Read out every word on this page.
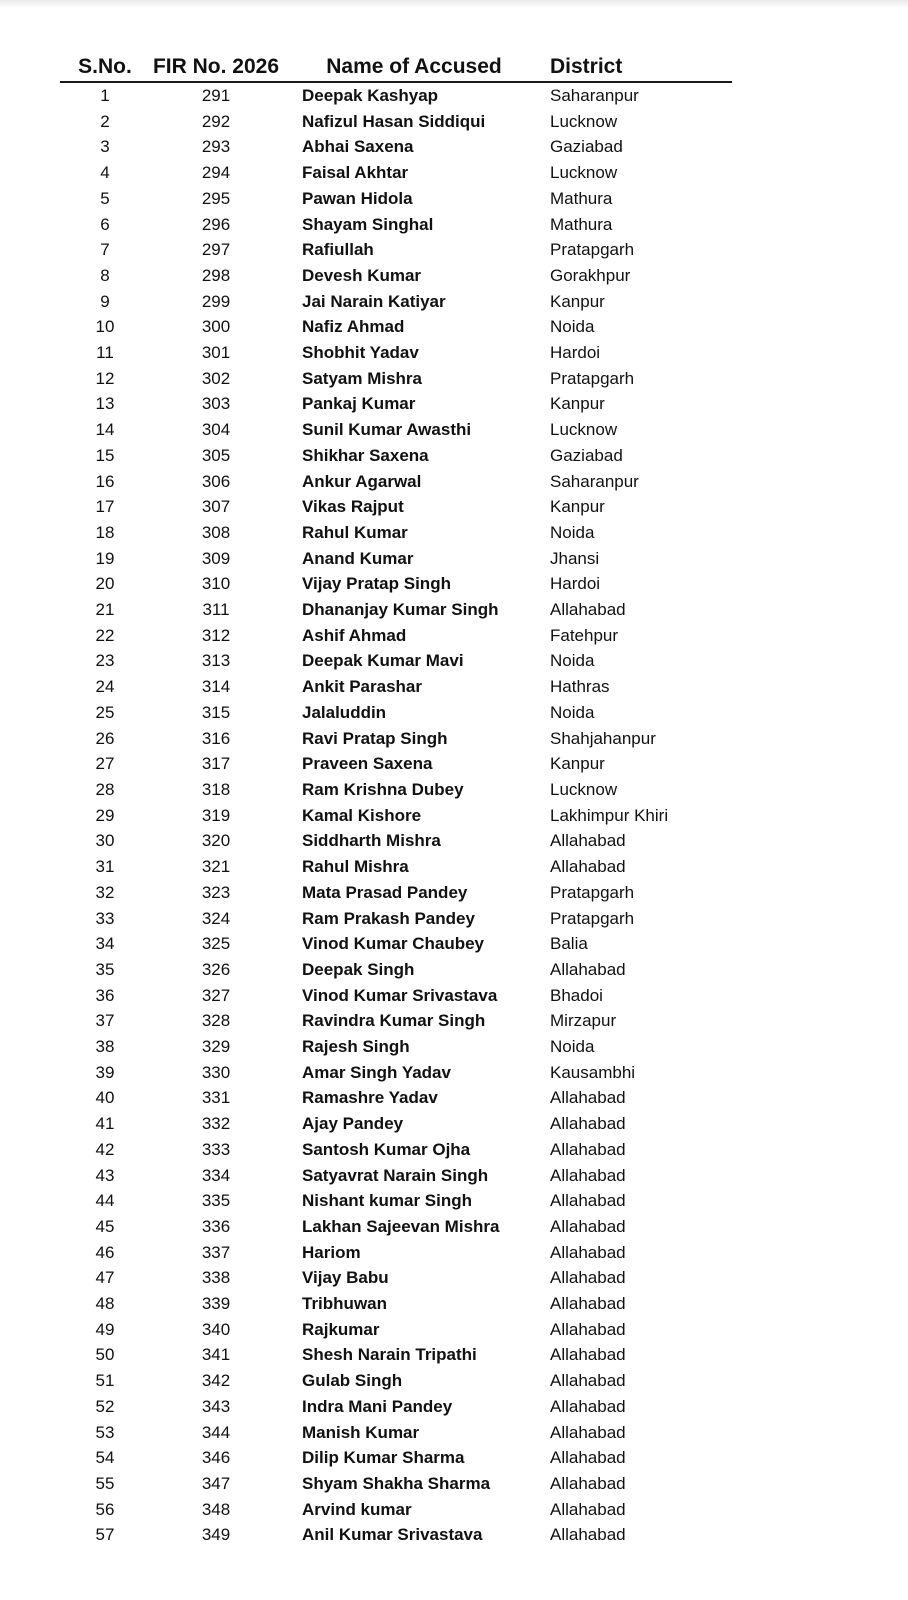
S.No.	FIR No. 2026	Name of Accused	District
1	291	Deepak Kashyap	Saharanpur
2	292	Nafizul Hasan Siddiqui	Lucknow
3	293	Abhai Saxena	Gaziabad
4	294	Faisal Akhtar	Lucknow
5	295	Pawan Hidola	Mathura
6	296	Shayam Singhal	Mathura
7	297	Rafiullah	Pratapgarh
8	298	Devesh Kumar	Gorakhpur
9	299	Jai Narain Katiyar	Kanpur
10	300	Nafiz Ahmad	Noida
11	301	Shobhit Yadav	Hardoi
12	302	Satyam Mishra	Pratapgarh
13	303	Pankaj Kumar	Kanpur
14	304	Sunil Kumar Awasthi	Lucknow
15	305	Shikhar Saxena	Gaziabad
16	306	Ankur Agarwal	Saharanpur
17	307	Vikas Rajput	Kanpur
18	308	Rahul Kumar	Noida
19	309	Anand Kumar	Jhansi
20	310	Vijay Pratap Singh	Hardoi
21	311	Dhananjay Kumar Singh	Allahabad
22	312	Ashif Ahmad	Fatehpur
23	313	Deepak Kumar Mavi	Noida
24	314	Ankit Parashar	Hathras
25	315	Jalaluddin	Noida
26	316	Ravi Pratap Singh	Shahjahanpur
27	317	Praveen Saxena	Kanpur
28	318	Ram Krishna Dubey	Lucknow
29	319	Kamal Kishore	Lakhimpur Khiri
30	320	Siddharth Mishra	Allahabad
31	321	Rahul Mishra	Allahabad
32	323	Mata Prasad Pandey	Pratapgarh
33	324	Ram Prakash Pandey	Pratapgarh
34	325	Vinod Kumar Chaubey	Balia
35	326	Deepak Singh	Allahabad
36	327	Vinod Kumar Srivastava	Bhadoi
37	328	Ravindra Kumar Singh	Mirzapur
38	329	Rajesh Singh	Noida
39	330	Amar Singh Yadav	Kausambhi
40	331	Ramashre Yadav	Allahabad
41	332	Ajay Pandey	Allahabad
42	333	Santosh Kumar Ojha	Allahabad
43	334	Satyavrat Narain Singh	Allahabad
44	335	Nishant kumar Singh	Allahabad
45	336	Lakhan Sajeevan Mishra	Allahabad
46	337	Hariom	Allahabad
47	338	Vijay Babu	Allahabad
48	339	Tribhuwan	Allahabad
49	340	Rajkumar	Allahabad
50	341	Shesh Narain Tripathi	Allahabad
51	342	Gulab Singh	Allahabad
52	343	Indra Mani Pandey	Allahabad
53	344	Manish Kumar	Allahabad
54	346	Dilip Kumar Sharma	Allahabad
55	347	Shyam Shakha Sharma	Allahabad
56	348	Arvind kumar	Allahabad
57	349	Anil Kumar Srivastava	Allahabad
